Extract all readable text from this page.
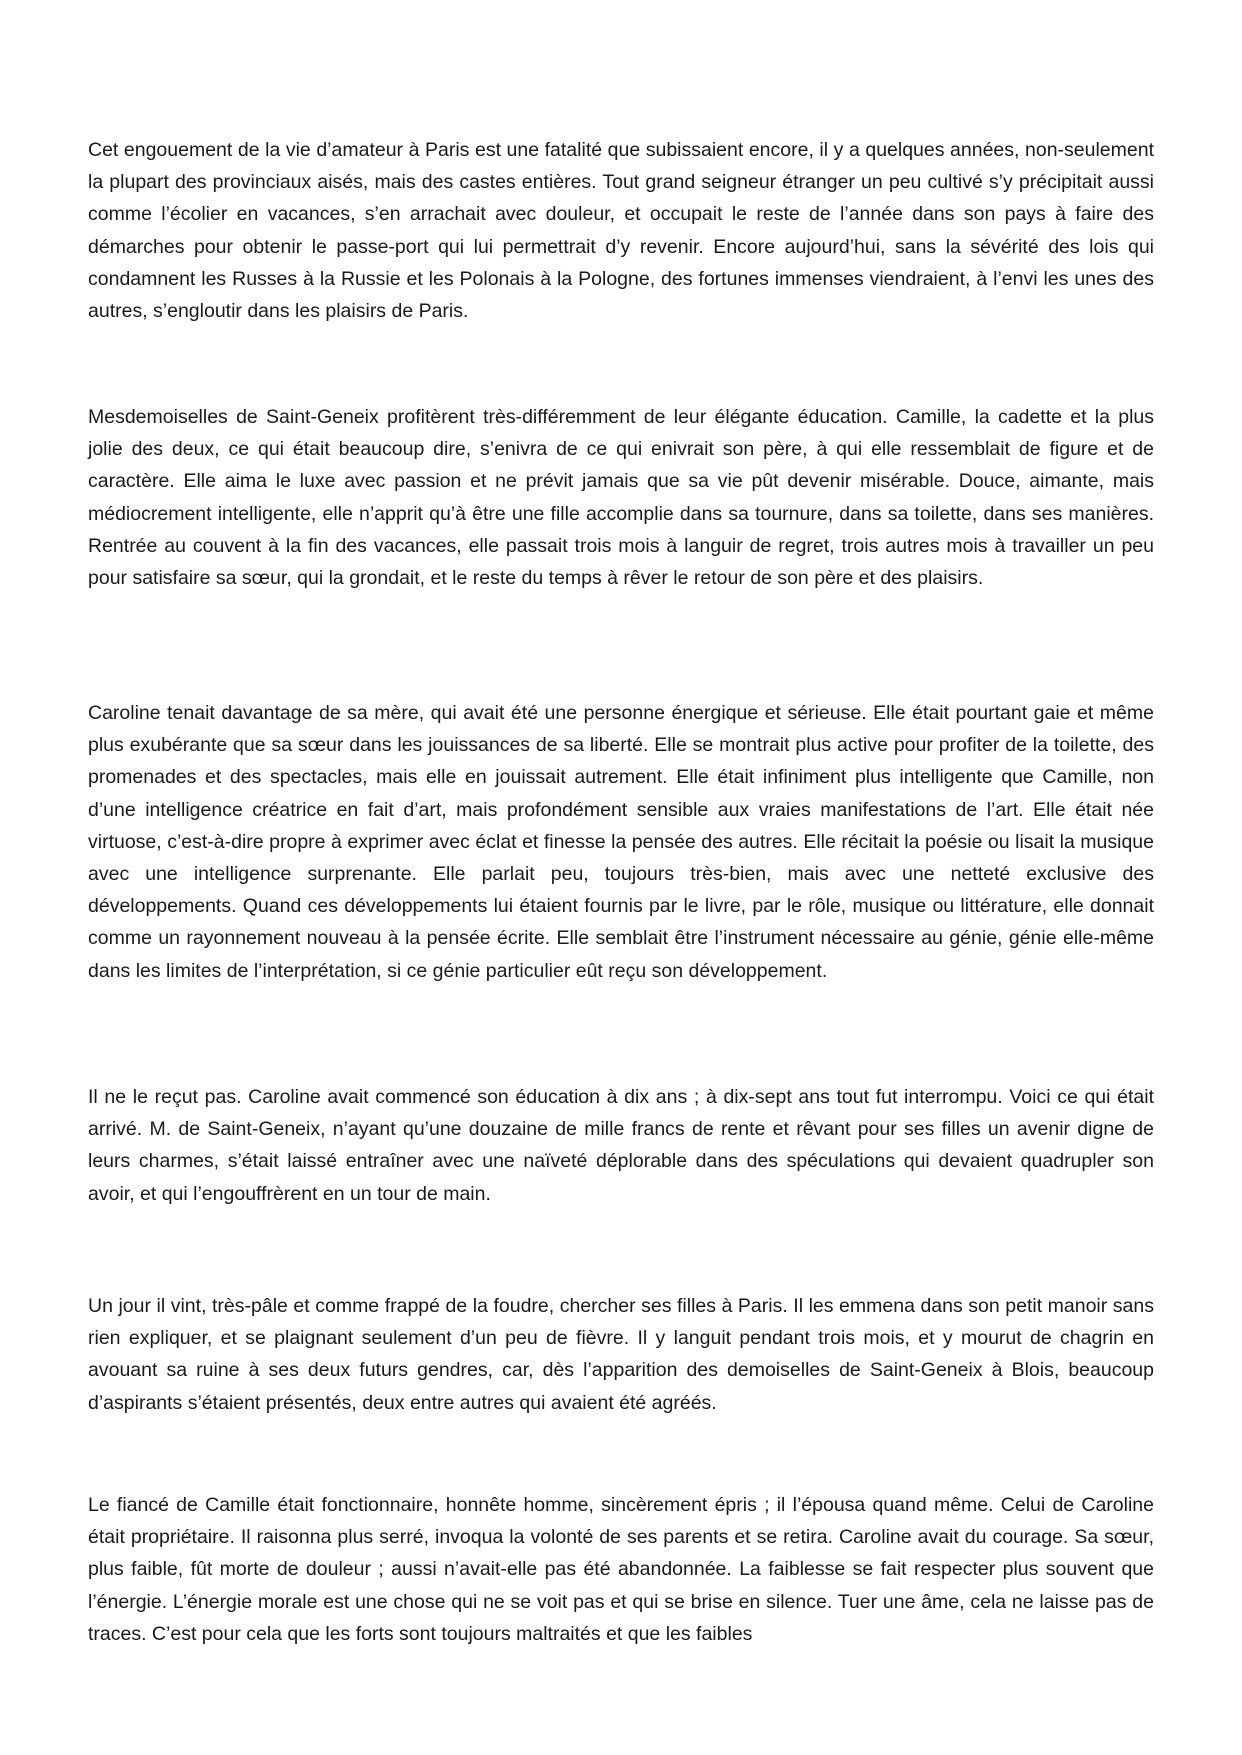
Cet engouement de la vie d’amateur à Paris est une fatalité que subissaient encore, il y a quelques années, non-seulement la plupart des provinciaux aisés, mais des castes entières. Tout grand seigneur étranger un peu cultivé s’y précipitait aussi comme l’écolier en vacances, s’en arrachait avec douleur, et occupait le reste de l’année dans son pays à faire des démarches pour obtenir le passe-port qui lui permettrait d’y revenir. Encore aujourd’hui, sans la sévérité des lois qui condamnent les Russes à la Russie et les Polonais à la Pologne, des fortunes immenses viendraient, à l’envi les unes des autres, s’engloutir dans les plaisirs de Paris.

Mesdemoiselles de Saint-Geneix profitèrent très-différemment de leur élégante éducation. Camille, la cadette et la plus jolie des deux, ce qui était beaucoup dire, s’enivra de ce qui enivrait son père, à qui elle ressemblait de figure et de caractère. Elle aima le luxe avec passion et ne prévit jamais que sa vie pût devenir misérable. Douce, aimante, mais médiocrement intelligente, elle n’apprit qu’à être une fille accomplie dans sa tournure, dans sa toilette, dans ses manières. Rentrée au couvent à la fin des vacances, elle passait trois mois à languir de regret, trois autres mois à travailler un peu pour satisfaire sa sœur, qui la grondait, et le reste du temps à rêver le retour de son père et des plaisirs.

Caroline tenait davantage de sa mère, qui avait été une personne énergique et sérieuse. Elle était pourtant gaie et même plus exubérante que sa sœur dans les jouissances de sa liberté. Elle se montrait plus active pour profiter de la toilette, des promenades et des spectacles, mais elle en jouissait autrement. Elle était infiniment plus intelligente que Camille, non d’une intelligence créatrice en fait d’art, mais profondément sensible aux vraies manifestations de l’art. Elle était née virtuose, c’est-à-dire propre à exprimer avec éclat et finesse la pensée des autres. Elle récitait la poésie ou lisait la musique avec une intelligence surprenante. Elle parlait peu, toujours très-bien, mais avec une netteté exclusive des développements. Quand ces développements lui étaient fournis par le livre, par le rôle, musique ou littérature, elle donnait comme un rayonnement nouveau à la pensée écrite. Elle semblait être l’instrument nécessaire au génie, génie elle-même dans les limites de l’interprétation, si ce génie particulier eût reçu son développement.

Il ne le reçut pas. Caroline avait commencé son éducation à dix ans ; à dix-sept ans tout fut interrompu. Voici ce qui était arrivé. M. de Saint-Geneix, n’ayant qu’une douzaine de mille francs de rente et rêvant pour ses filles un avenir digne de leurs charmes, s’était laissé entraîner avec une naïveté déplorable dans des spéculations qui devaient quadrupler son avoir, et qui l’engouffrèrent en un tour de main.

Un jour il vint, très-pâle et comme frappé de la foudre, chercher ses filles à Paris. Il les emmena dans son petit manoir sans rien expliquer, et se plaignant seulement d’un peu de fièvre. Il y languit pendant trois mois, et y mourut de chagrin en avouant sa ruine à ses deux futurs gendres, car, dès l’apparition des demoiselles de Saint-Geneix à Blois, beaucoup d’aspirants s’étaient présentés, deux entre autres qui avaient été agréés.

Le fiancé de Camille était fonctionnaire, honnête homme, sincèrement épris ; il l’épousa quand même. Celui de Caroline était propriétaire. Il raisonna plus serré, invoqua la volonté de ses parents et se retira. Caroline avait du courage. Sa sœur, plus faible, fût morte de douleur ; aussi n’avait-elle pas été abandonnée. La faiblesse se fait respecter plus souvent que l’énergie. L’énergie morale est une chose qui ne se voit pas et qui se brise en silence. Tuer une âme, cela ne laisse pas de traces. C’est pour cela que les forts sont toujours maltraités et que les faibles
